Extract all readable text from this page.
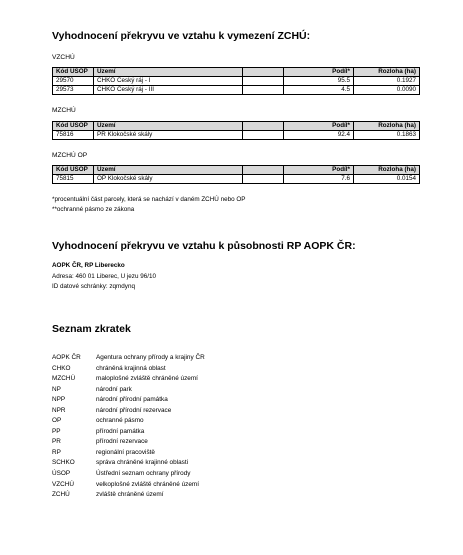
Vyhodnocení překryvu ve vztahu k vymezení ZCHÚ:
VZCHÚ
Kód ÚSOP	Území		Podíl*	Rozloha (ha)
29570	CHKO Český ráj - I		95.5	0.1927
29573	CHKO Český ráj - III		4.5	0.0090
MZCHÚ
Kód ÚSOP	Území		Podíl*	Rozloha (ha)
75816	PR Klokočské skály		92.4	0.1863
MZCHÚ OP
Kód ÚSOP	Území		Podíl*	Rozloha (ha)
75815	OP Klokočské skály		7.6	0.0154
*procentuální část parcely, která se nachází v daném ZCHÚ nebo OP
**ochranné pásmo ze zákona
Vyhodnocení překryvu ve vztahu k působnosti RP AOPK ČR:
AOPK ČR, RP Liberecko
Adresa: 460 01 Liberec, U jezu 96/10
ID datové schránky: zqmdynq
Seznam zkratek
AOPK ČR	Agentura ochrany přírody a krajiny ČR
CHKO	chráněná krajinná oblast
MZCHÚ	maloplošné zvláště chráněné území
NP	národní park
NPP	národní přírodní památka
NPR	národní přírodní rezervace
OP	ochranné pásmo
PP	přírodní památka
PR	přírodní rezervace
RP	regionální pracoviště
SCHKO	správa chráněné krajinné oblasti
ÚSOP	Ústřední seznam ochrany přírody
VZCHÚ	velkoplošné zvláště chráněné území
ZCHÚ	zvláště chráněné území
